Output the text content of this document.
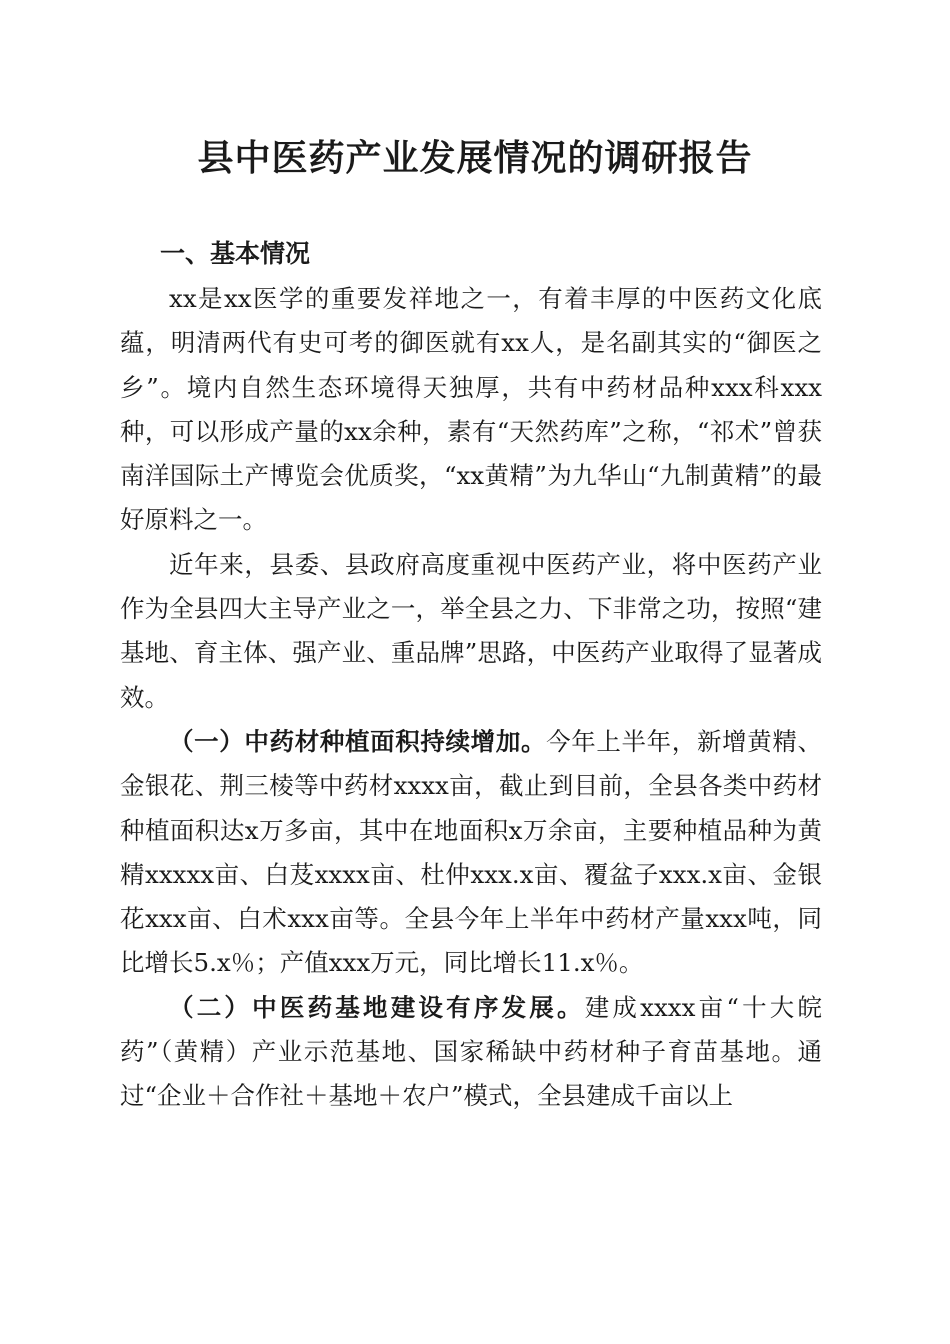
县中医药产业发展情况的调研报告
一、基本情况

xx是xx医学的重要发祥地之一，有着丰厚的中医药文化底蕴，明清两代有史可考的御医就有xx人，是名副其实的“御医之乡”。境内自然生态环境得天独厚，共有中药材品种xxx科xxx种，可以形成产量的xx余种，素有“天然药库”之称，“祁术”曾获南洋国际土产博览会优质奖，“xx黄精”为九华山“九制黄精”的最好原料之一。

近年来，县委、县政府高度重视中医药产业，将中医药产业作为全县四大主导产业之一，举全县之力、下非常之功，按照“建基地、育主体、强产业、重品牌”思路，中医药产业取得了显著成效。

（一）中药材种植面积持续增加。今年上半年，新增黄精、金银花、荆三棱等中药材xxxx亩，截止到目前，全县各类中药材种植面积达x万多亩，其中在地面积x万余亩，主要种植品种为黄精xxxxx亩、白芨xxxx亩、杜仲xxx.x亩、覆盆子xxx.x亩、金银花xxx亩、白术xxx亩等。全县今年上半年中药材产量xxx吨，同比增长5.x％；产值xxx万元，同比增长11.x％。

（二）中医药基地建设有序发展。建成xxxx亩“十大皖药”（黄精）产业示范基地、国家稀缺中药材种子育苗基地。通过“企业＋合作社＋基地＋农户”模式，全县建成千亩以上
